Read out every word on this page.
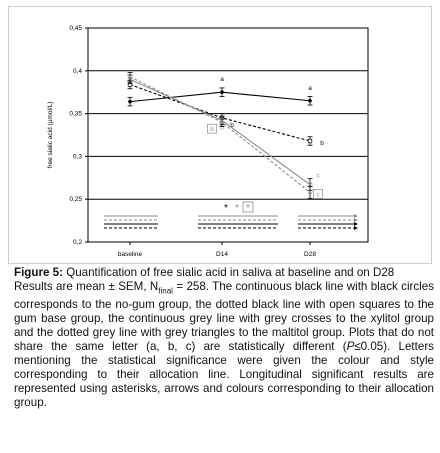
0,2
0,25
0,3
0,35
0,4
0,45
free sialic acid (µmol/L)
baseline	D14	D28
* * *
a
a
b
b
b
c
b
c

Figure 5: Quantification of free sialic acid in saliva at baseline and on D28

Results are mean ± SEM, $N_{final} = 258$. The continuous black line with black circles corresponds to the no-gum group, the dotted black line with open squares to the gum base group, the continuous grey line with grey crosses to the xylitol group and the dotted grey line with grey triangles to the maltitol group. Plots that do not share the same letter (a, b, c) are statistically different (P≤0.05). Letters mentioning the statistical significance were given the colour and style corresponding to their allocation line. Longitudinal significant results are represented using asterisks, arrows and colours corresponding to their allocation group.
